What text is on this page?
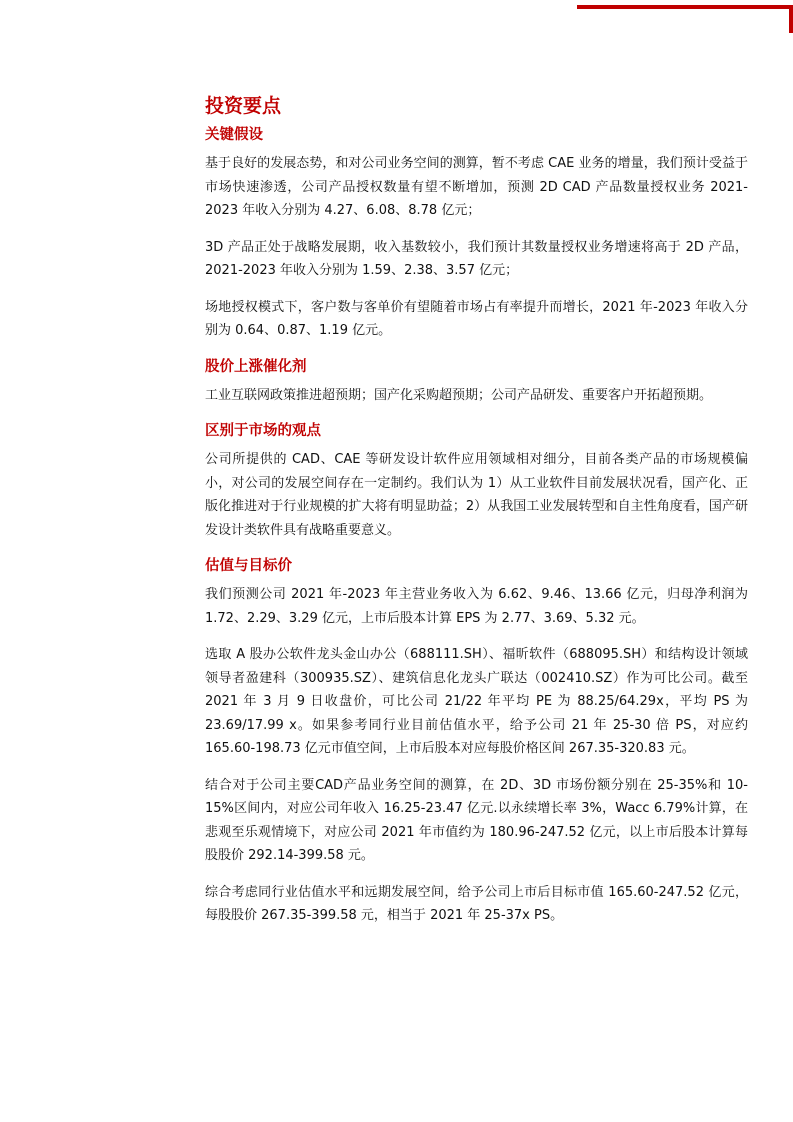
投资要点
关键假设

基于良好的发展态势，和对公司业务空间的测算，暂不考虑 CAE 业务的增量，我们预计受益于市场快速渗透，公司产品授权数量有望不断增加，预测 2D CAD 产品数量授权业务 2021-2023 年收入分别为 4.27、6.08、8.78 亿元；

3D 产品正处于战略发展期，收入基数较小，我们预计其数量授权业务增速将高于 2D 产品，2021-2023 年收入分别为 1.59、2.38、3.57 亿元；

场地授权模式下，客户数与客单价有望随着市场占有率提升而增长，2021 年-2023 年收入分别为 0.64、0.87、1.19 亿元。

股价上涨催化剂

工业互联网政策推进超预期；国产化采购超预期；公司产品研发、重要客户开拓超预期。

区别于市场的观点

公司所提供的 CAD、CAE 等研发设计软件应用领域相对细分，目前各类产品的市场规模偏小，对公司的发展空间存在一定制约。我们认为 1）从工业软件目前发展状况看，国产化、正版化推进对于行业规模的扩大将有明显助益；2）从我国工业发展转型和自主性角度看，国产研发设计类软件具有战略重要意义。

估值与目标价

我们预测公司 2021 年-2023 年主营业务收入为 6.62、9.46、13.66 亿元，归母净利润为 1.72、2.29、3.29 亿元，上市后股本计算 EPS 为 2.77、3.69、5.32 元。

选取 A 股办公软件龙头金山办公（688111.SH）、福昕软件（688095.SH）和结构设计领域领导者盈建科（300935.SZ）、建筑信息化龙头广联达（002410.SZ）作为可比公司。截至 2021 年 3 月 9 日收盘价，可比公司 21/22 年平均 PE 为 88.25/64.29x，平均 PS 为 23.69/17.99 x。如果参考同行业目前估值水平，给予公司 21 年 25-30 倍 PS，对应约 165.60-198.73 亿元市值空间，上市后股本对应每股价格区间 267.35-320.83 元。

结合对于公司主要CAD产品业务空间的测算，在 2D、3D 市场份额分别在 25-35%和 10-15%区间内，对应公司年收入 16.25-23.47 亿元.以永续增长率 3%，Wacc 6.79%计算，在悲观至乐观情境下，对应公司 2021 年市值约为 180.96-247.52 亿元，以上市后股本计算每股股价 292.14-399.58 元。

综合考虑同行业估值水平和远期发展空间，给予公司上市后目标市值 165.60-247.52 亿元，每股股价 267.35-399.58 元，相当于 2021 年 25-37x PS。
